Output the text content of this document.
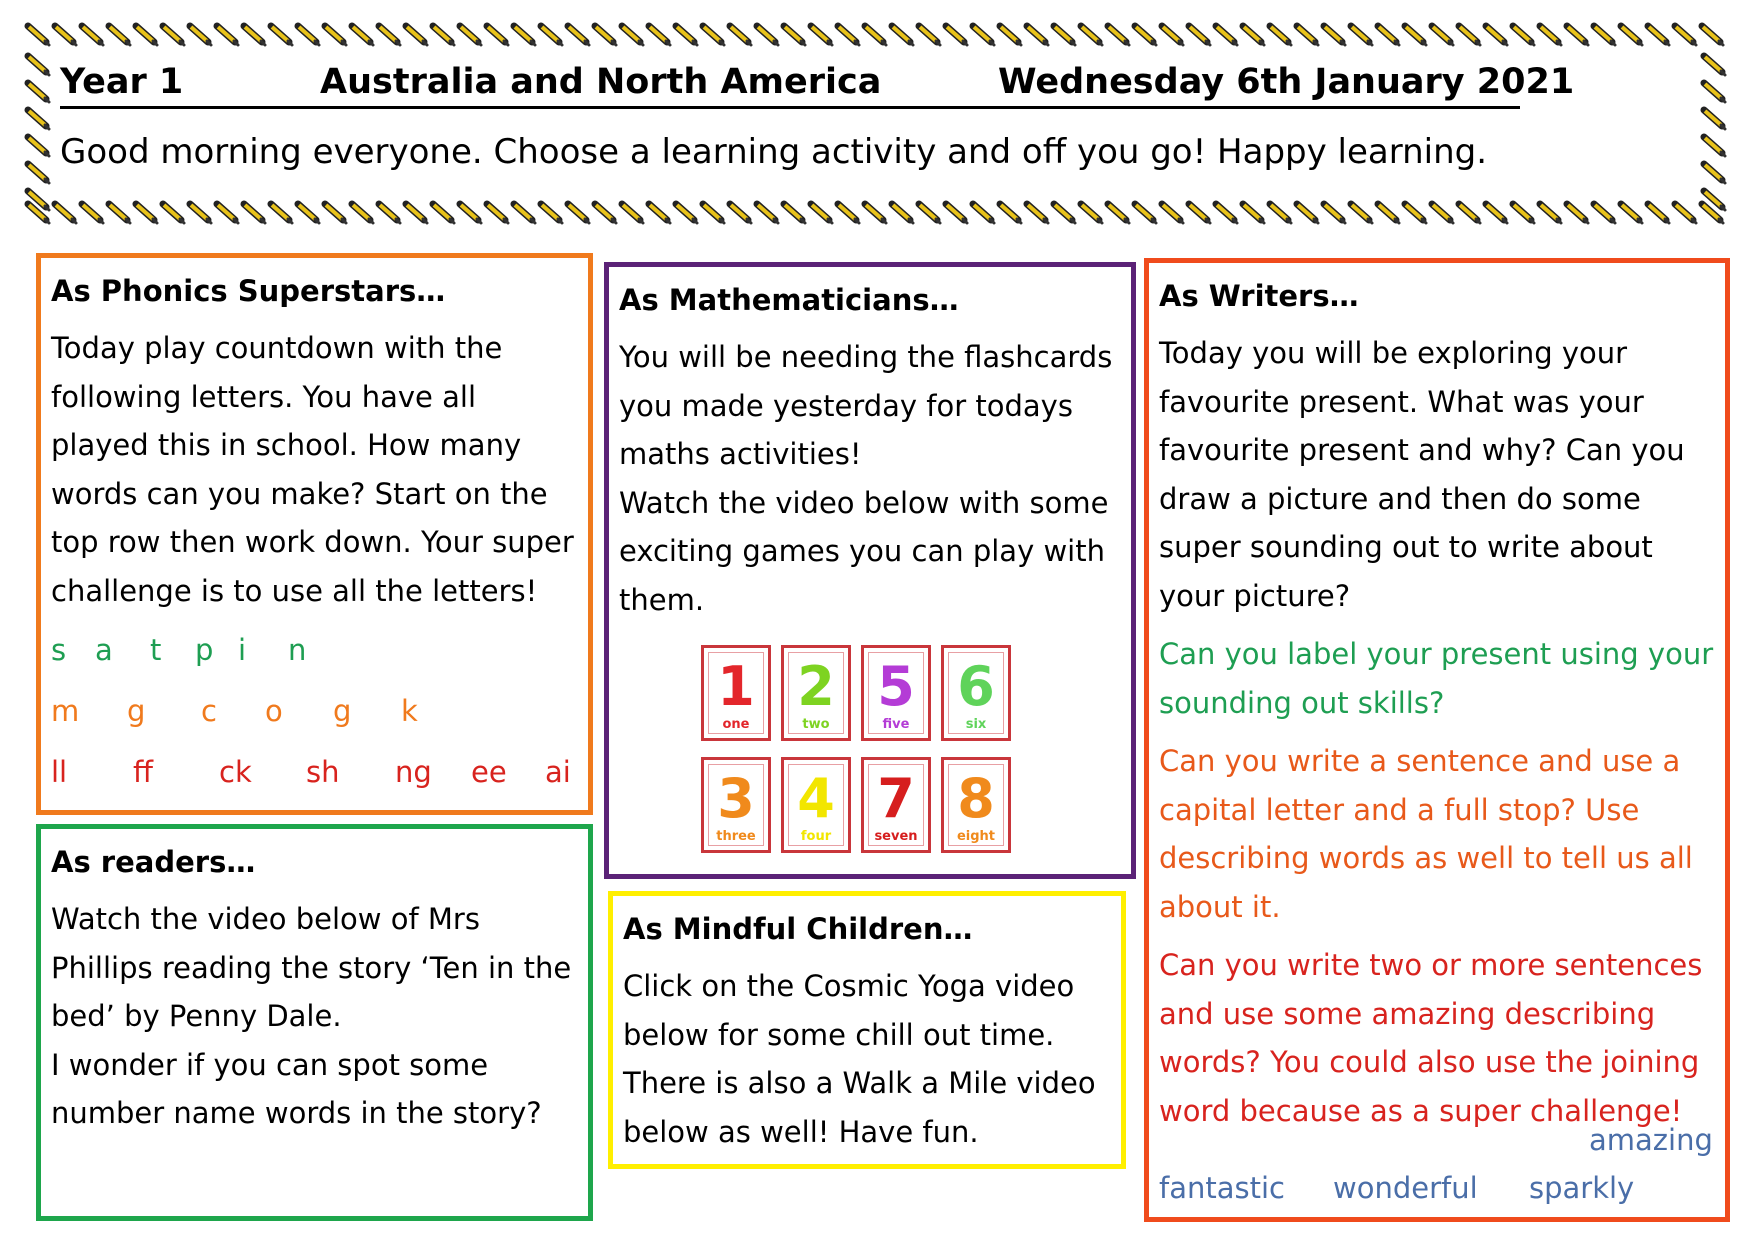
Year 1	Australia and North America	Wednesday 6th January 2021
Good morning everyone. Choose a learning activity and off you go! Happy learning.
As Phonics Superstars…

Today play countdown with the following letters. You have all played this in school. How many words can you make? Start on the top row then work down. Your super challenge is to use all the letters!

s a t p i n
m g c o g k
ll ff ck sh ng ee ai
As readers…

Watch the video below of Mrs Phillips reading the story ‘Ten in the bed’ by Penny Dale.

I wonder if you can spot some number name words in the story?

As Mathematicians…

You will be needing the flashcards you made yesterday for todays maths activities!

Watch the video below with some exciting games you can play with them.

1
one
2
two
5
five
6
six
3
three
4
four
7
seven
8
eight
As Mindful Children…

Click on the Cosmic Yoga video below for some chill out time. There is also a Walk a Mile video below as well! Have fun.

As Writers…

Today you will be exploring your favourite present. What was your favourite present and why? Can you draw a picture and then do some super sounding out to write about your picture?

Can you label your present using your sounding out skills?

Can you write a sentence and use a capital letter and a full stop? Use describing words as well to tell us all about it.

Can you write two or more sentences and use some amazing describing words? You could also use the joining word because as a super challenge!

fantastic wonderful sparkly
amazing
